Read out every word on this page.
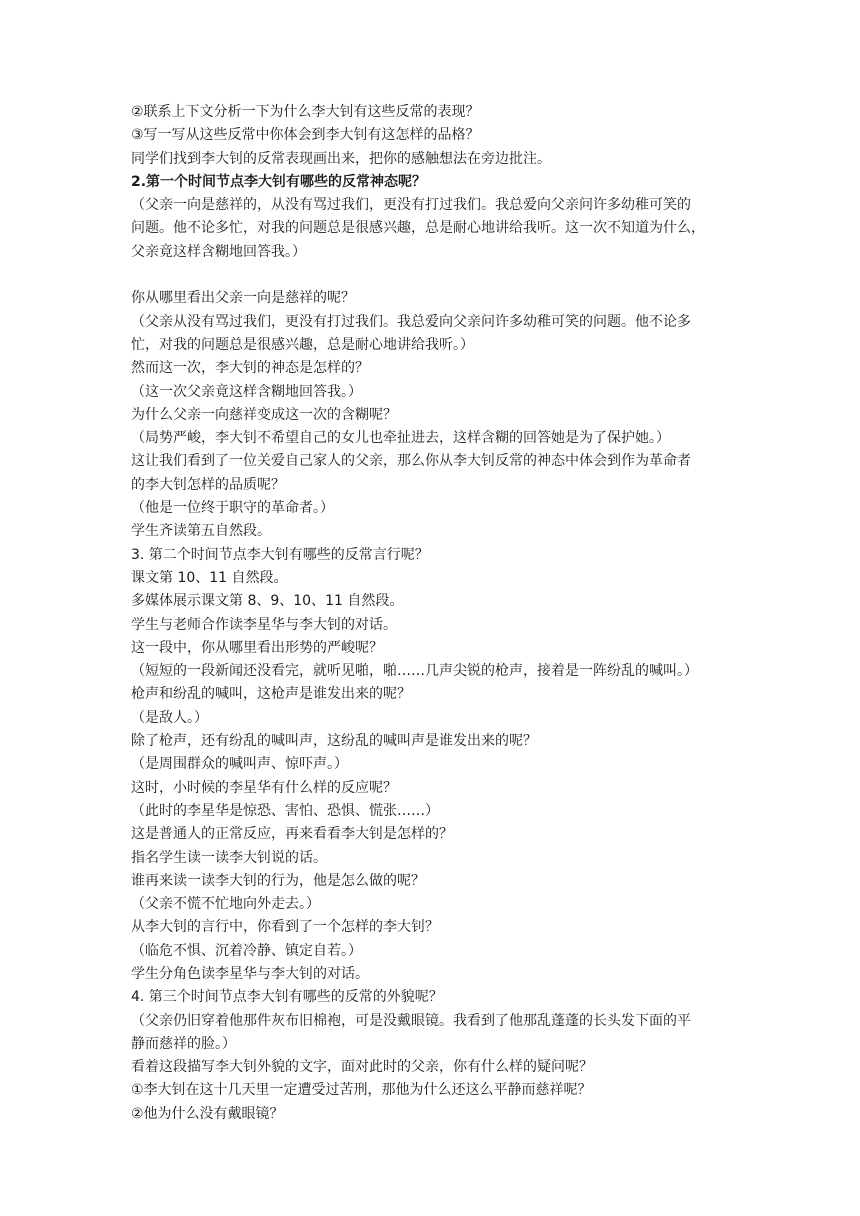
②联系上下文分析一下为什么李大钊有这些反常的表现？
③写一写从这些反常中你体会到李大钊有这怎样的品格？
同学们找到李大钊的反常表现画出来，把你的感触想法在旁边批注。
2.第一个时间节点李大钊有哪些的反常神态呢？
（父亲一向是慈祥的，从没有骂过我们，更没有打过我们。我总爱向父亲问许多幼稚可笑的
问题。他不论多忙，对我的问题总是很感兴趣，总是耐心地讲给我听。这一次不知道为什么，
父亲竟这样含糊地回答我。）
你从哪里看出父亲一向是慈祥的呢？
（父亲从没有骂过我们，更没有打过我们。我总爱向父亲问许多幼稚可笑的问题。他不论多
忙，对我的问题总是很感兴趣，总是耐心地讲给我听。）
然而这一次，李大钊的神态是怎样的？
（这一次父亲竟这样含糊地回答我。）
为什么父亲一向慈祥变成这一次的含糊呢？
（局势严峻，李大钊不希望自己的女儿也牵扯进去，这样含糊的回答她是为了保护她。）
这让我们看到了一位关爱自己家人的父亲，那么你从李大钊反常的神态中体会到作为革命者
的李大钊怎样的品质呢？
（他是一位终于职守的革命者。）
学生齐读第五自然段。
3. 第二个时间节点李大钊有哪些的反常言行呢？
课文第 10、11 自然段。
多媒体展示课文第 8、9、10、11 自然段。
学生与老师合作读李星华与李大钊的对话。
这一段中，你从哪里看出形势的严峻呢？
（短短的一段新闻还没看完，就听见啪，啪……几声尖锐的枪声，接着是一阵纷乱的喊叫。）
枪声和纷乱的喊叫，这枪声是谁发出来的呢？
（是敌人。）
除了枪声，还有纷乱的喊叫声，这纷乱的喊叫声是谁发出来的呢？
（是周围群众的喊叫声、惊吓声。）
这时，小时候的李星华有什么样的反应呢？
（此时的李星华是惊恐、害怕、恐惧、慌张……）
这是普通人的正常反应，再来看看李大钊是怎样的？
指名学生读一读李大钊说的话。
谁再来读一读李大钊的行为，他是怎么做的呢？
（父亲不慌不忙地向外走去。）
从李大钊的言行中，你看到了一个怎样的李大钊？
（临危不惧、沉着冷静、镇定自若。）
学生分角色读李星华与李大钊的对话。
4. 第三个时间节点李大钊有哪些的反常的外貌呢？
（父亲仍旧穿着他那件灰布旧棉袍，可是没戴眼镜。我看到了他那乱蓬蓬的长头发下面的平
静而慈祥的脸。）
看着这段描写李大钊外貌的文字，面对此时的父亲，你有什么样的疑问呢？
①李大钊在这十几天里一定遭受过苦刑，那他为什么还这么平静而慈祥呢？
②他为什么没有戴眼镜？
